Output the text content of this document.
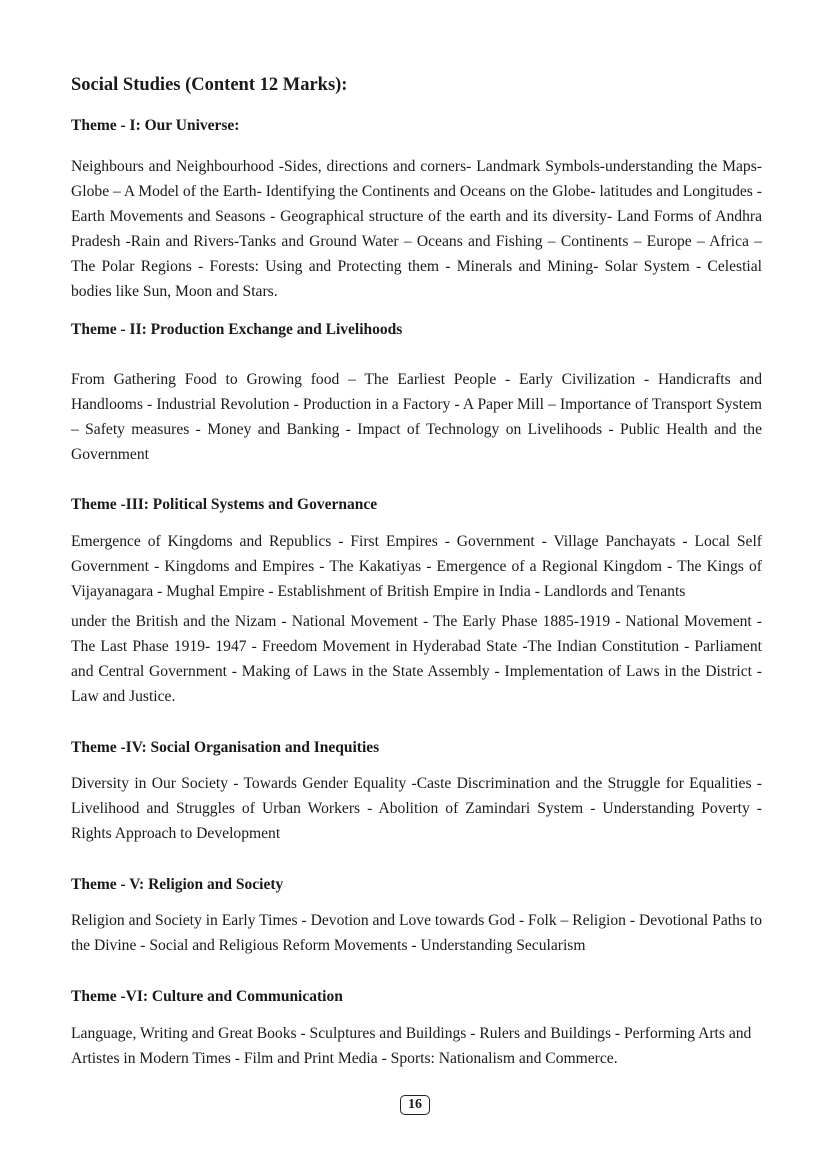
Social Studies (Content 12 Marks):
Theme - I: Our Universe:
Neighbours and Neighbourhood -Sides, directions and corners- Landmark Symbols-understanding the Maps- Globe – A Model of the Earth- Identifying the Continents and Oceans on the Globe- latitudes and Longitudes - Earth Movements and Seasons - Geographical structure of the earth and its diversity- Land Forms of Andhra Pradesh -Rain and Rivers-Tanks and Ground Water – Oceans and Fishing – Continents – Europe – Africa –The Polar Regions - Forests: Using and Protecting them - Minerals and Mining- Solar System - Celestial bodies like Sun, Moon and Stars.
Theme - II: Production Exchange and Livelihoods
From Gathering Food to Growing food – The Earliest People - Early Civilization - Handicrafts and Handlooms - Industrial Revolution - Production in a Factory - A Paper Mill – Importance of Transport System – Safety measures - Money and Banking - Impact of Technology on Livelihoods - Public Health and the Government
Theme -III: Political Systems and Governance
Emergence of Kingdoms and Republics - First Empires - Government - Village Panchayats - Local Self Government - Kingdoms and Empires - The Kakatiyas - Emergence of a Regional Kingdom - The Kings of Vijayanagara - Mughal Empire - Establishment of British Empire in India - Landlords and Tenants
under the British and the Nizam - National Movement - The Early Phase 1885-1919 - National Movement - The Last Phase 1919- 1947 - Freedom Movement in Hyderabad State -The Indian Constitution - Parliament and Central Government - Making of Laws in the State Assembly - Implementation of Laws in the District - Law and Justice.
Theme -IV: Social Organisation and Inequities
Diversity in Our Society - Towards Gender Equality -Caste Discrimination and the Struggle for Equalities - Livelihood and Struggles of Urban Workers - Abolition of Zamindari System - Understanding Poverty - Rights Approach to Development
Theme - V: Religion and Society
Religion and Society in Early Times - Devotion and Love towards God - Folk – Religion - Devotional Paths to the Divine - Social and Religious Reform Movements - Understanding Secularism
Theme -VI: Culture and Communication
Language, Writing and Great Books - Sculptures and Buildings - Rulers and Buildings - Performing Arts and Artistes in Modern Times - Film and Print Media - Sports: Nationalism and Commerce.
16
